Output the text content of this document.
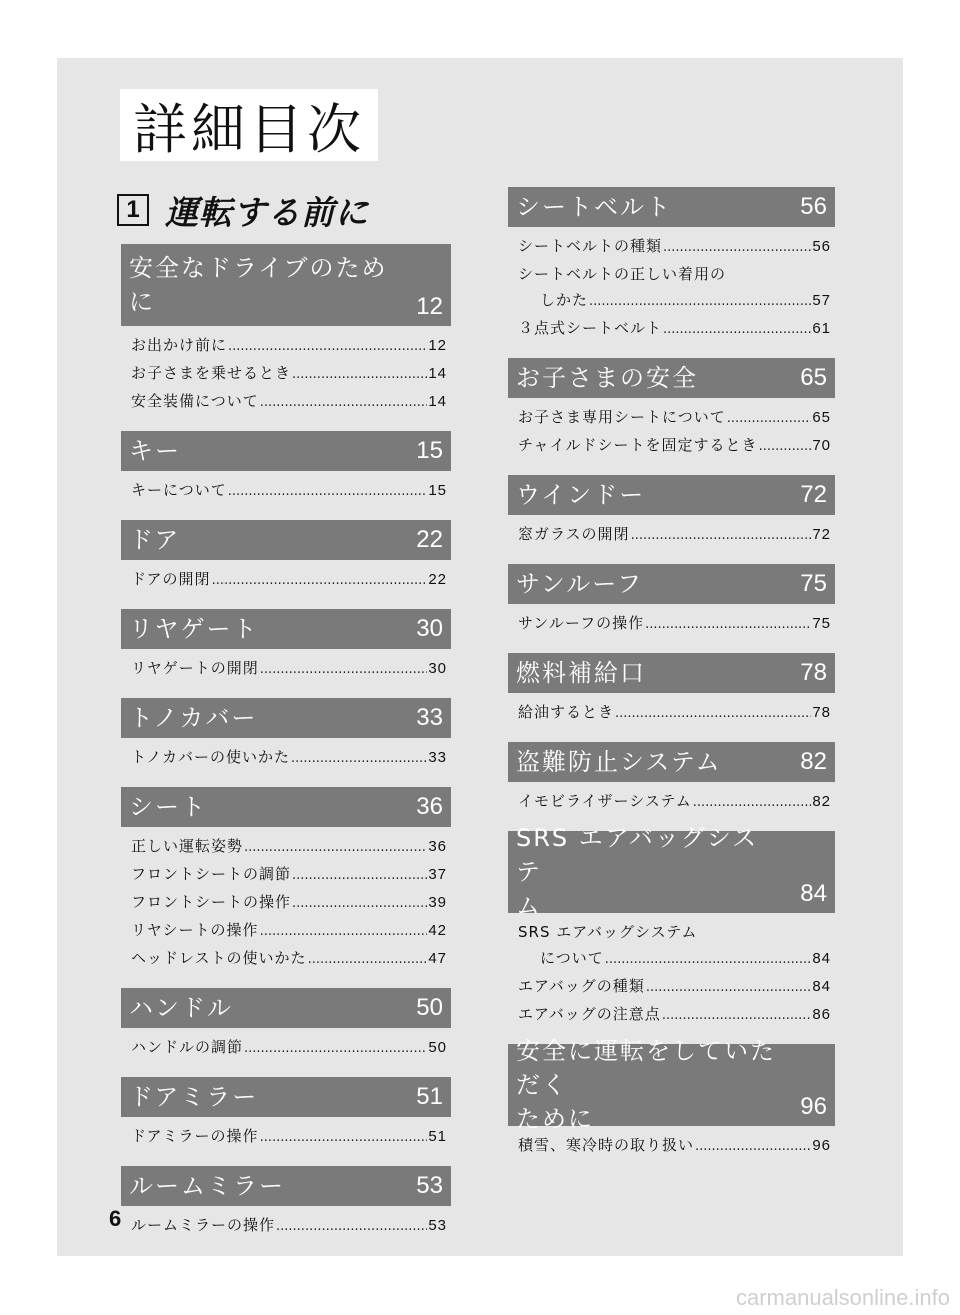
詳細目次
1 運転する前に
安全なドライブのため
に	12
お出かけ前に .....	12
お子さまを乗せるとき .....	14
安全装備について .....	14
キー	15
キーについて .....	15
ドア	22
ドアの開閉 .....	22
リヤゲート	30
リヤゲートの開閉 .....	30
トノカバー	33
トノカバーの使いかた .....	33
シート	36
正しい運転姿勢 .....	36
フロントシートの調節 .....	37
フロントシートの操作 .....	39
リヤシートの操作 .....	42
ヘッドレストの使いかた .....	47
ハンドル	50
ハンドルの調節 .....	50
ドアミラー	51
ドアミラーの操作 .....	51
ルームミラー	53
ルームミラーの操作 .....	53
シートベルト	56
シートベルトの種類 .....	56
シートベルトの正しい着用の
しかた .....	57
３点式シートベルト .....	61
お子さまの安全	65
お子さま専用シートについて .....	65
チャイルドシートを固定するとき .....	70
ウインドー	72
窓ガラスの開閉 .....	72
サンルーフ	75
サンルーフの操作 .....	75
燃料補給口	78
給油するとき .....	78
盗難防止システム	82
イモビライザーシステム .....	82
SRS エアバッグシステ
ム	84
SRS エアバッグシステム
について .....	84
エアバッグの種類 .....	84
エアバッグの注意点 .....	86
安全に運転をしていただく
ために	96
積雪、寒冷時の取り扱い .....	96
6
carmanualsonline.info
